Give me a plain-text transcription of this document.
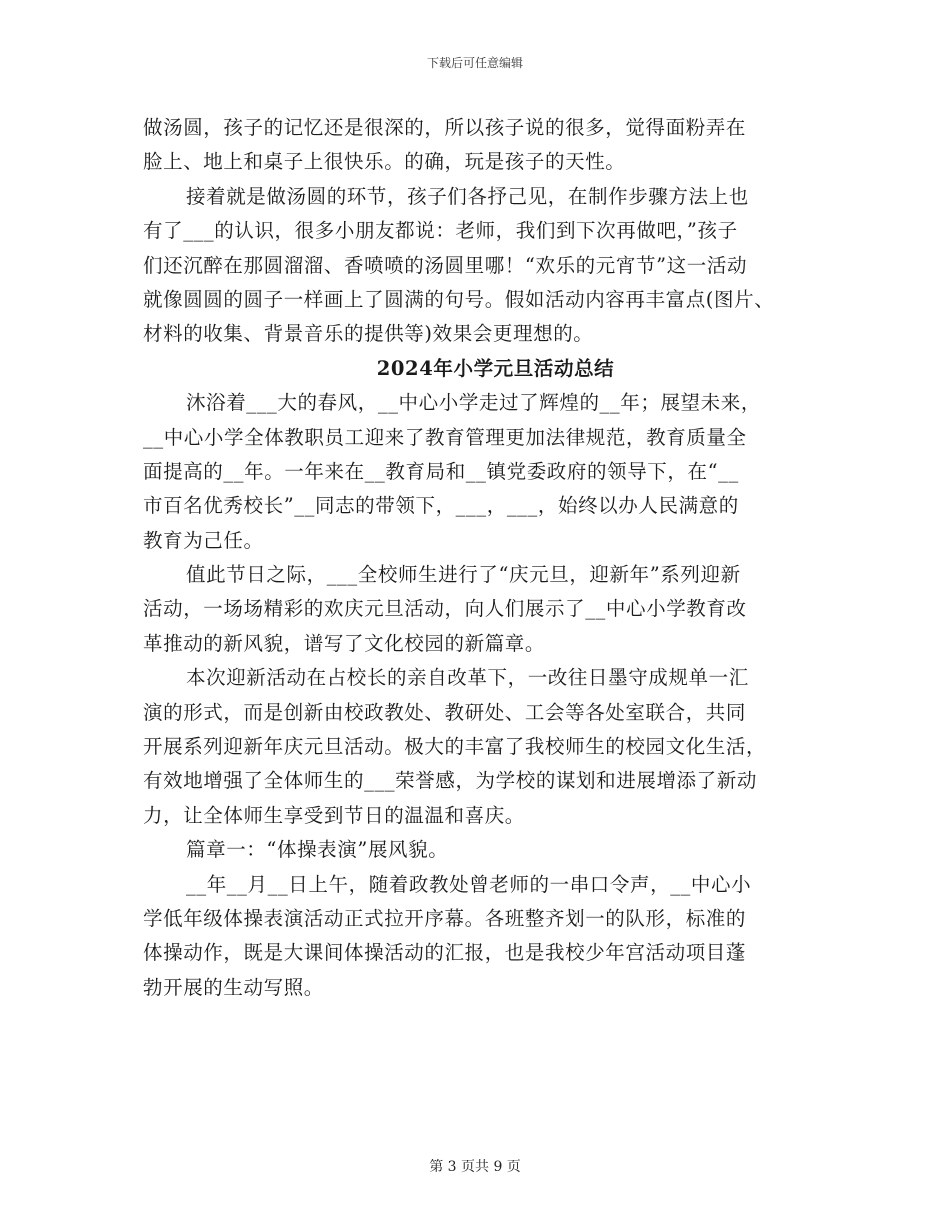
下载后可任意编辑
做汤圆，孩子的记忆还是很深的，所以孩子说的很多，觉得面粉弄在
脸上、地上和桌子上很快乐。的确，玩是孩子的天性。
接着就是做汤圆的环节，孩子们各抒己见，在制作步骤方法上也
有了___的认识，很多小朋友都说：老师，我们到下次再做吧，”孩子
们还沉醉在那圆溜溜、香喷喷的汤圆里哪！“欢乐的元宵节”这一活动
就像圆圆的圆子一样画上了圆满的句号。假如活动内容再丰富点(图片、
材料的收集、背景音乐的提供等)效果会更理想的。
2024年小学元旦活动总结
沐浴着___大的春风，__中心小学走过了辉煌的__年；展望未来，
__中心小学全体教职员工迎来了教育管理更加法律规范，教育质量全
面提高的__年。一年来在__教育局和__镇党委政府的领导下，在“__
市百名优秀校长”__同志的带领下，___，___，始终以办人民满意的
教育为己任。
值此节日之际，___全校师生进行了“庆元旦，迎新年”系列迎新
活动，一场场精彩的欢庆元旦活动，向人们展示了__中心小学教育改
革推动的新风貌，谱写了文化校园的新篇章。
本次迎新活动在占校长的亲自改革下，一改往日墨守成规单一汇
演的形式，而是创新由校政教处、教研处、工会等各处室联合，共同
开展系列迎新年庆元旦活动。极大的丰富了我校师生的校园文化生活，
有效地增强了全体师生的___荣誉感，为学校的谋划和进展增添了新动
力，让全体师生享受到节日的温温和喜庆。
篇章一：“体操表演”展风貌。
__年__月__日上午，随着政教处曾老师的一串口令声，__中心小
学低年级体操表演活动正式拉开序幕。各班整齐划一的队形，标准的
体操动作，既是大课间体操活动的汇报，也是我校少年宫活动项目蓬
勃开展的生动写照。
第 3 页共 9 页
